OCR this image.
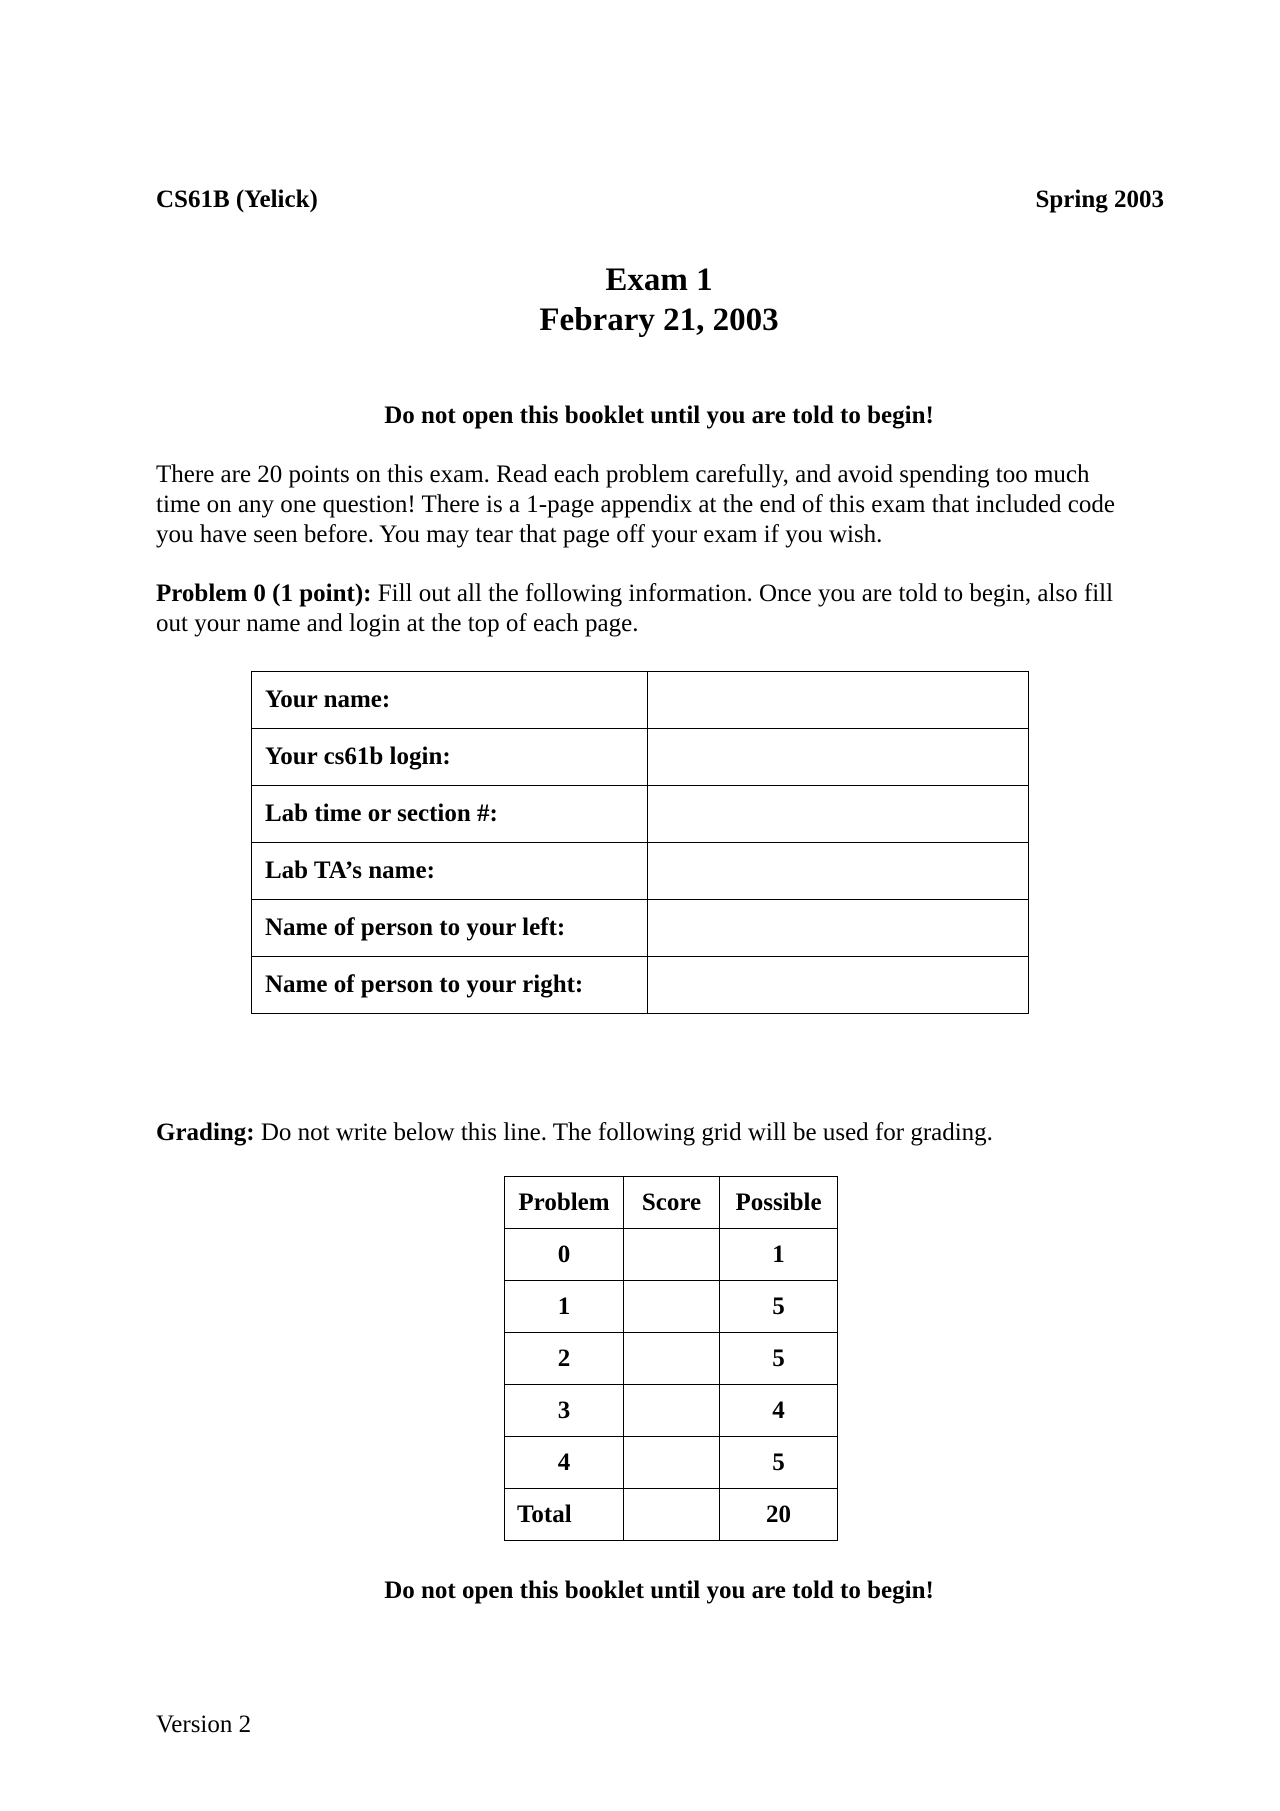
CS61B (Yelick)	Spring 2003
Exam 1
Febrary 21, 2003
Do not open this booklet until you are told to begin!
There are 20 points on this exam. Read each problem carefully, and avoid spending too much
time on any one question! There is a 1-page appendix at the end of this exam that included code
you have seen before. You may tear that page off your exam if you wish.
Problem 0 (1 point): Fill out all the following information. Once you are told to begin, also fill
out your name and login at the top of each page.
Your name:	
Your cs61b login:	
Lab time or section #:	
Lab TA’s name:	
Name of person to your left:	
Name of person to your right:	
Grading: Do not write below this line. The following grid will be used for grading.
Problem	Score	Possible
0		1
1		5
2		5
3		4
4		5
Total		20
Do not open this booklet until you are told to begin!
Version 2
